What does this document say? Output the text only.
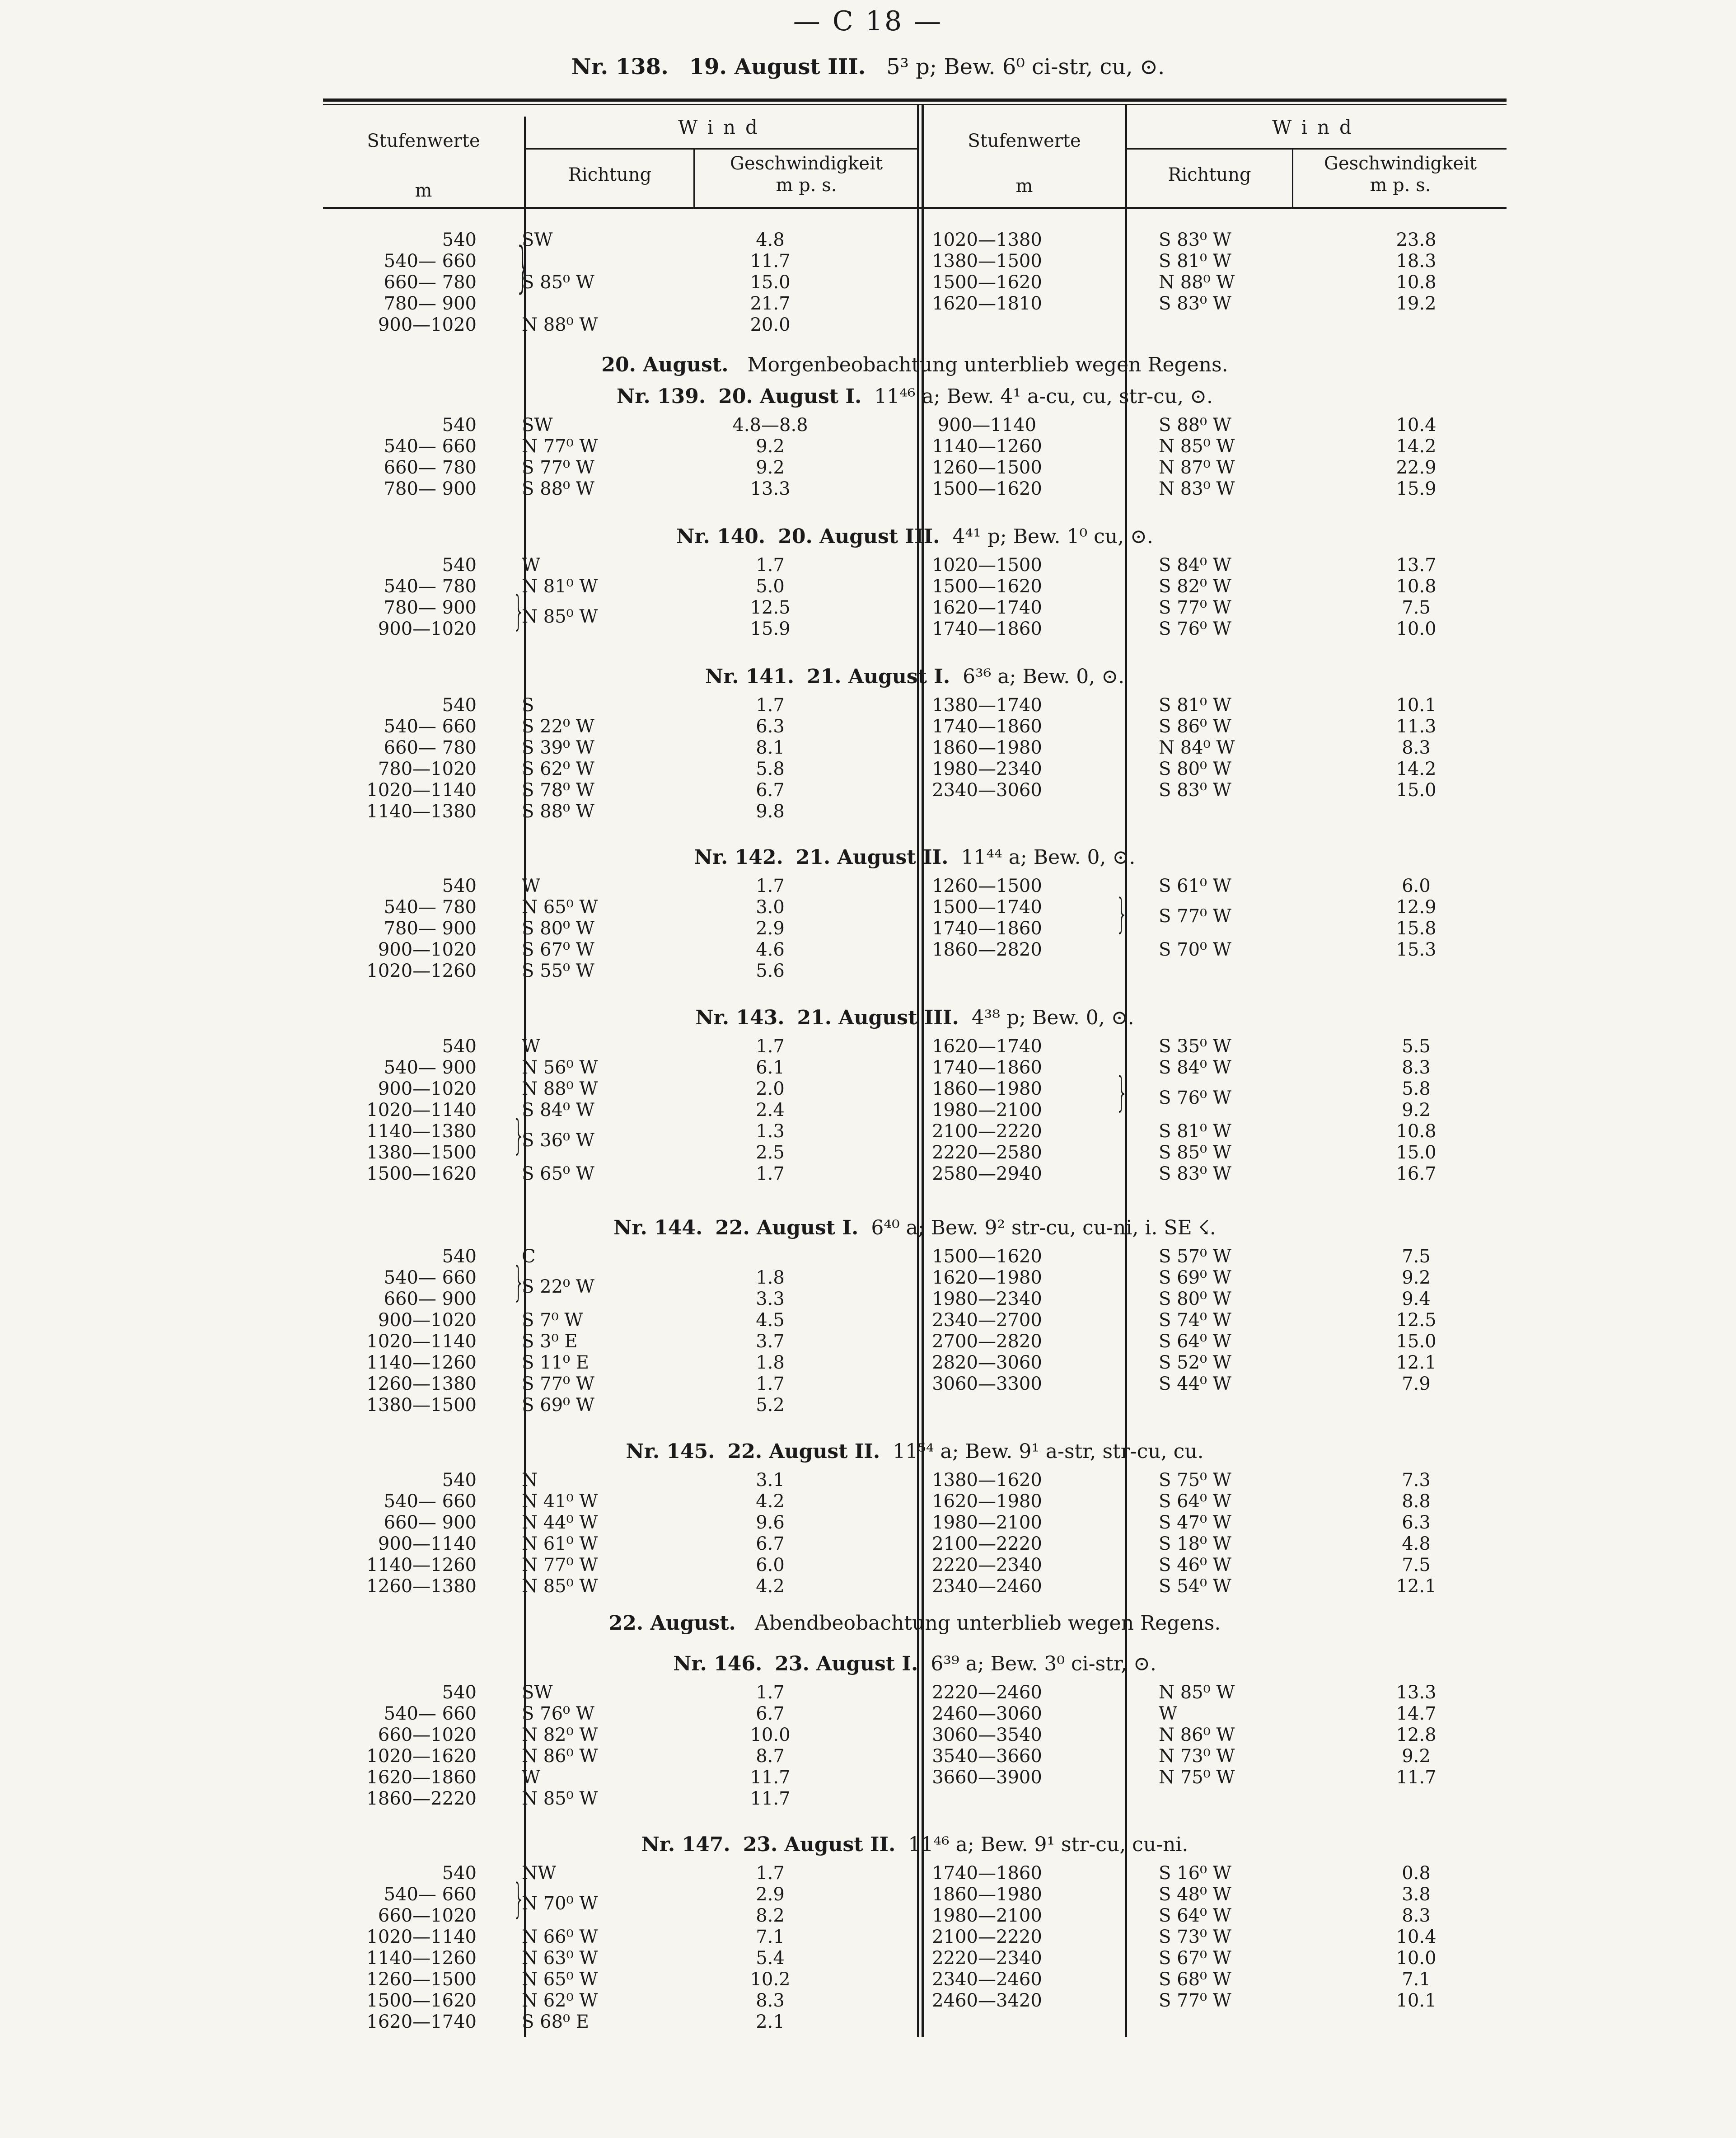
— C 18 —
Nr. 138. 19. August III. 5³ p; Bew. 6⁰ ci-str, cu, ⊙.
Stufenwerte
m
Wind
Richtung
Geschwindigkeit
m p. s.
Stufenwerte
m
Wind
Richtung
Geschwindigkeit
m p. s.
540
540— 660
660— 780
780— 900
900—1020
SW
S 85⁰ W
N 88⁰ W
4.8
11.7
15.0
21.7
20.0
1020—1380
1380—1500
1500—1620
1620—1810
S 83⁰ W
S 81⁰ W
N 88⁰ W
S 83⁰ W
23.8
18.3
10.8
19.2
}
20. August. Morgenbeobachtung unterblieb wegen Regens.
Nr. 139. 20. August I. 11⁴⁶ a; Bew. 4¹ a-cu, cu, str-cu, ⊙.
540
540— 660
660— 780
780— 900
SW
N 77⁰ W
S 77⁰ W
S 88⁰ W
4.8—8.8
9.2
9.2
13.3
900—1140
1140—1260
1260—1500
1500—1620
S 88⁰ W
N 85⁰ W
N 87⁰ W
N 83⁰ W
10.4
14.2
22.9
15.9
Nr. 140. 20. August III. 4⁴¹ p; Bew. 1⁰ cu, ⊙.
540
540— 780
780— 900
900—1020
W
N 81⁰ W
N 85⁰ W
1.7
5.0
12.5
15.9
1020—1500
1500—1620
1620—1740
1740—1860
S 84⁰ W
S 82⁰ W
S 77⁰ W
S 76⁰ W
13.7
10.8
7.5
10.0
}
Nr. 141. 21. August I. 6³⁶ a; Bew. 0, ⊙.
540
540— 660
660— 780
780—1020
1020—1140
1140—1380
S
S 22⁰ W
S 39⁰ W
S 62⁰ W
S 78⁰ W
S 88⁰ W
1.7
6.3
8.1
5.8
6.7
9.8
1380—1740
1740—1860
1860—1980
1980—2340
2340—3060
S 81⁰ W
S 86⁰ W
N 84⁰ W
S 80⁰ W
S 83⁰ W
10.1
11.3
8.3
14.2
15.0
Nr. 142. 21. August II. 11⁴⁴ a; Bew. 0, ⊙.
540
540— 780
780— 900
900—1020
1020—1260
W
N 65⁰ W
S 80⁰ W
S 67⁰ W
S 55⁰ W
1.7
3.0
2.9
4.6
5.6
1260—1500
1500—1740
1740—1860
1860—2820
S 61⁰ W
S 77⁰ W
S 70⁰ W
6.0
12.9
15.8
15.3
}
Nr. 143. 21. August III. 4³⁸ p; Bew. 0, ⊙.
540
540— 900
900—1020
1020—1140
1140—1380
1380—1500
1500—1620
W
N 56⁰ W
N 88⁰ W
S 84⁰ W
S 36⁰ W
S 65⁰ W
1.7
6.1
2.0
2.4
1.3
2.5
1.7
1620—1740
1740—1860
1860—1980
1980—2100
2100—2220
2220—2580
2580—2940
S 35⁰ W
S 84⁰ W
S 76⁰ W
S 81⁰ W
S 85⁰ W
S 83⁰ W
5.5
8.3
5.8
9.2
10.8
15.0
16.7
}
}
Nr. 144. 22. August I. 6⁴⁰ a; Bew. 9² str-cu, cu-ni, i. SE ☇.
540
540— 660
660— 900
900—1020
1020—1140
1140—1260
1260—1380
1380—1500
C
S 22⁰ W
S 7⁰ W
S 3⁰ E
S 11⁰ E
S 77⁰ W
S 69⁰ W
1.8
3.3
4.5
3.7
1.8
1.7
5.2
1500—1620
1620—1980
1980—2340
2340—2700
2700—2820
2820—3060
3060—3300
S 57⁰ W
S 69⁰ W
S 80⁰ W
S 74⁰ W
S 64⁰ W
S 52⁰ W
S 44⁰ W
7.5
9.2
9.4
12.5
15.0
12.1
7.9
}
Nr. 145. 22. August II. 11⁵⁴ a; Bew. 9¹ a-str, str-cu, cu.
540
540— 660
660— 900
900—1140
1140—1260
1260—1380
N
N 41⁰ W
N 44⁰ W
N 61⁰ W
N 77⁰ W
N 85⁰ W
3.1
4.2
9.6
6.7
6.0
4.2
1380—1620
1620—1980
1980—2100
2100—2220
2220—2340
2340—2460
S 75⁰ W
S 64⁰ W
S 47⁰ W
S 18⁰ W
S 46⁰ W
S 54⁰ W
7.3
8.8
6.3
4.8
7.5
12.1
22. August. Abendbeobachtung unterblieb wegen Regens.
Nr. 146. 23. August I. 6³⁹ a; Bew. 3⁰ ci-str, ⊙.
540
540— 660
660—1020
1020—1620
1620—1860
1860—2220
SW
S 76⁰ W
N 82⁰ W
N 86⁰ W
W
N 85⁰ W
1.7
6.7
10.0
8.7
11.7
11.7
2220—2460
2460—3060
3060—3540
3540—3660
3660—3900
N 85⁰ W
W
N 86⁰ W
N 73⁰ W
N 75⁰ W
13.3
14.7
12.8
9.2
11.7
Nr. 147. 23. August II. 11⁴⁶ a; Bew. 9¹ str-cu, cu-ni.
540
540— 660
660—1020
1020—1140
1140—1260
1260—1500
1500—1620
1620—1740
NW
N 70⁰ W
N 66⁰ W
N 63⁰ W
N 65⁰ W
N 62⁰ W
S 68⁰ E
1.7
2.9
8.2
7.1
5.4
10.2
8.3
2.1
1740—1860
1860—1980
1980—2100
2100—2220
2220—2340
2340—2460
2460—3420
S 16⁰ W
S 48⁰ W
S 64⁰ W
S 73⁰ W
S 67⁰ W
S 68⁰ W
S 77⁰ W
0.8
3.8
8.3
10.4
10.0
7.1
10.1
}
